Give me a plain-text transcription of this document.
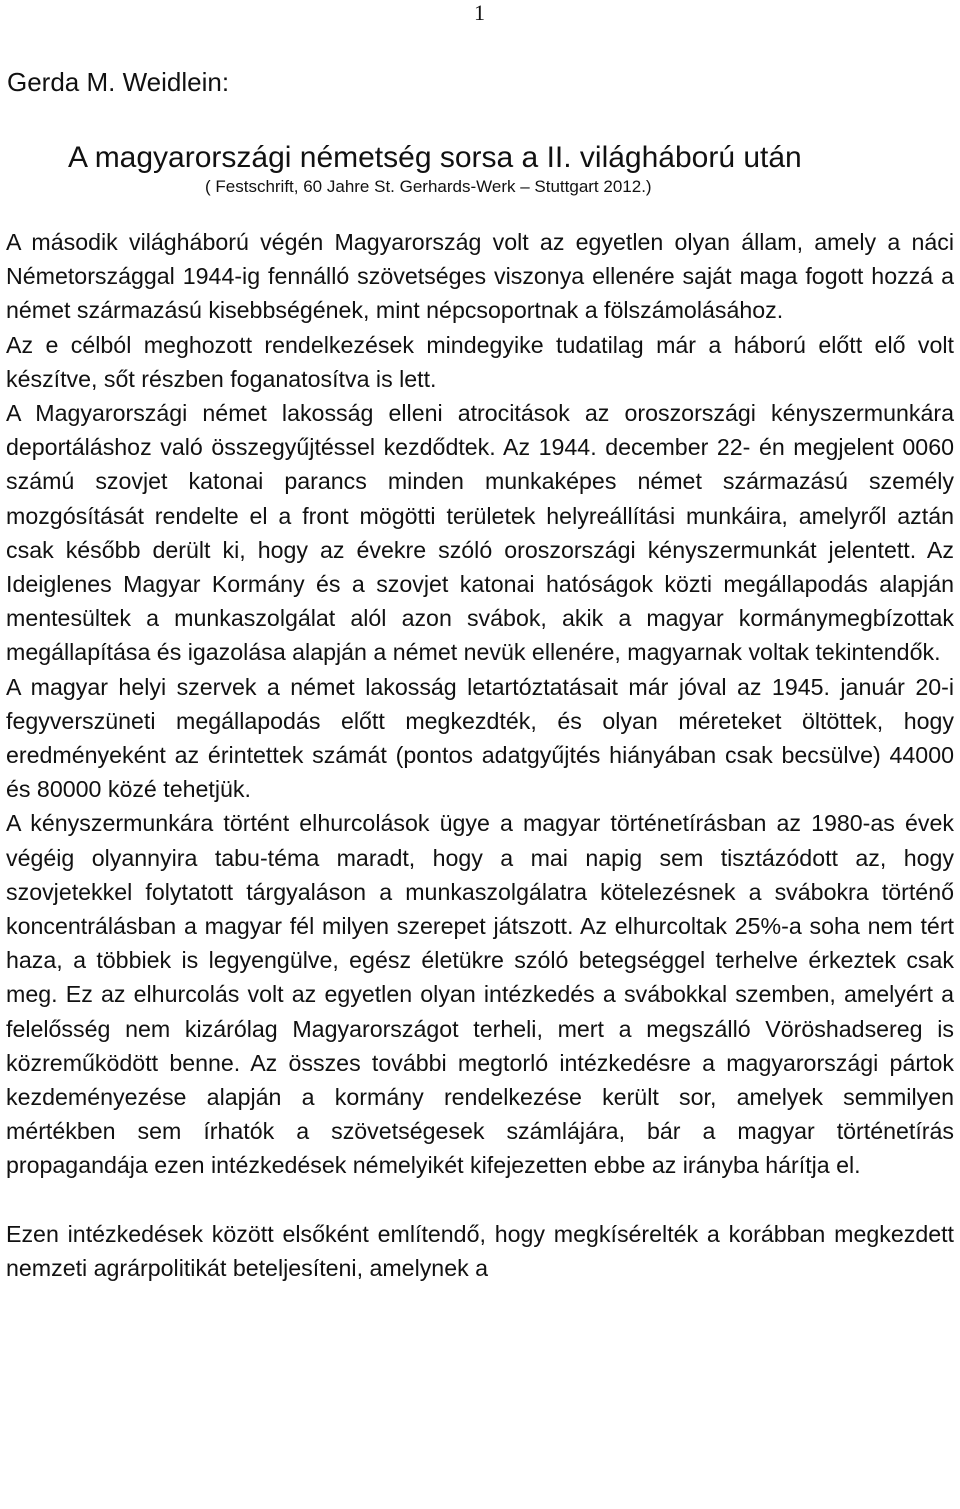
1
Gerda M. Weidlein:
A magyarországi németség sorsa a II. világháború után
( Festschrift, 60 Jahre St. Gerhards-Werk – Stuttgart 2012.)

A második világháború végén Magyarország volt az egyetlen olyan állam, amely a náci Németországgal 1944-ig fennálló szövetséges viszonya ellenére saját maga fogott hozzá a német származású kisebbségének, mint népcsoportnak a fölszámolásához.

Az e célból meghozott rendelkezések mindegyike tudatilag már a háború előtt elő volt készítve, sőt részben foganatosítva is lett.

A Magyarországi német lakosság elleni atrocitások az oroszországi kényszermunkára deportáláshoz való összegyűjtéssel kezdődtek. Az 1944. december 22- én megjelent 0060 számú szovjet katonai parancs minden munkaképes német származású személy mozgósítását rendelte el a front mögötti területek helyreállítási munkáira, amelyről aztán csak később derült ki, hogy az évekre szóló oroszországi kényszermunkát jelentett. Az Ideiglenes Magyar Kormány és a szovjet katonai hatóságok közti megállapodás alapján mentesültek a munkaszolgálat alól azon svábok, akik a magyar kormánymegbízottak megállapítása és igazolása alapján a német nevük ellenére, magyarnak voltak tekintendők.

A magyar helyi szervek a német lakosság letartóztatásait már jóval az 1945. január 20-i fegyverszüneti megállapodás előtt megkezdték, és olyan méreteket öltöttek, hogy eredményeként az érintettek számát (pontos adatgyűjtés hiányában csak becsülve) 44000 és 80000 közé tehetjük.

A kényszermunkára történt elhurcolások ügye a magyar történetírásban az 1980-as évek végéig olyannyira tabu-téma maradt, hogy a mai napig sem tisztázódott az, hogy szovjetekkel folytatott tárgyaláson a munkaszolgálatra kötelezésnek a svábokra történő koncentrálásban a magyar fél milyen szerepet játszott. Az elhurcoltak 25%-a soha nem tért haza, a többiek is legyengülve, egész életükre szóló betegséggel terhelve érkeztek csak meg. Ez az elhurcolás volt az egyetlen olyan intézkedés a svábokkal szemben, amelyért a felelősség nem kizárólag Magyarországot terheli, mert a megszálló Vöröshadsereg is közreműködött benne. Az összes további megtorló intézkedésre a magyarországi pártok kezdeményezése alapján a kormány rendelkezése került sor, amelyek semmilyen mértékben sem írhatók a szövetségesek számlájára, bár a magyar történetírás propagandája ezen intézkedések némelyikét kifejezetten ebbe az irányba hárítja el.

Ezen intézkedések között elsőként említendő, hogy megkísérelték a korábban megkezdett nemzeti agrárpolitikát beteljesíteni, amelynek a
